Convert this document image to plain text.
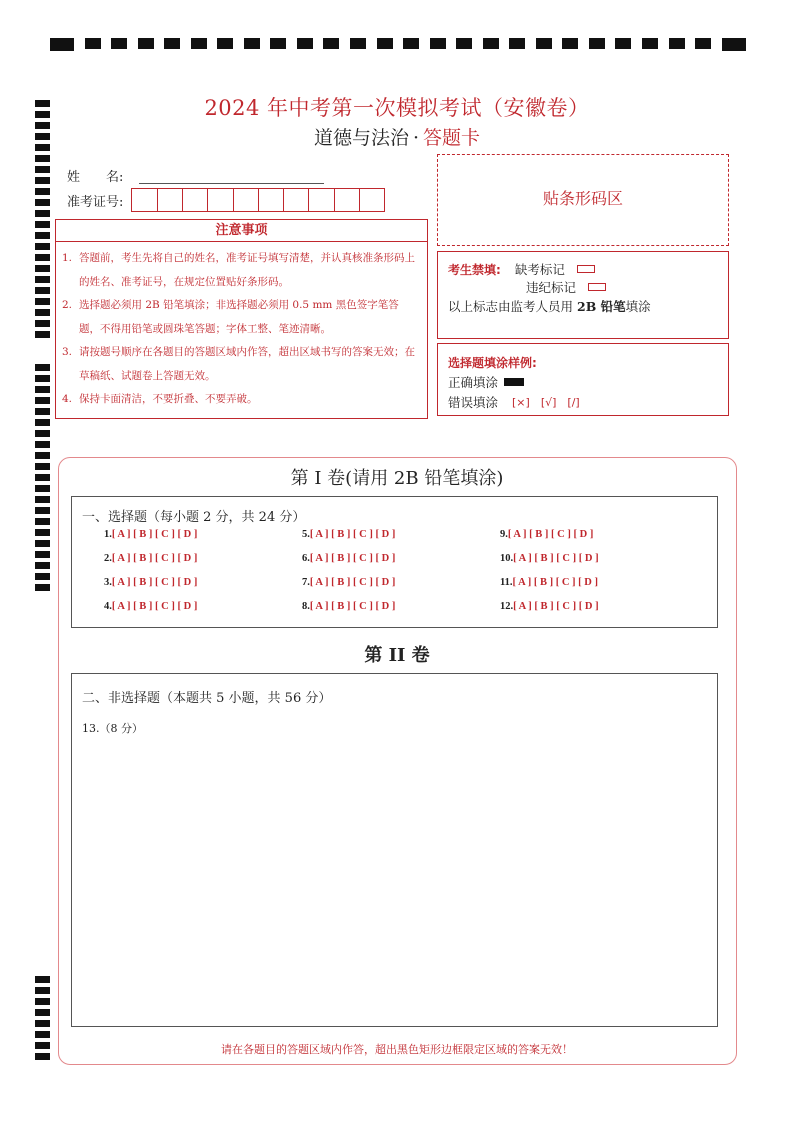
2024 年中考第一次模拟考试（安徽卷）
道德与法治 · 答题卡
姓　　名:
准考证号:
注意事项
1. 答题前，考生先将自己的姓名，准考证号填写清楚，并认真核准条形码上的姓名、准考证号，在规定位置贴好条形码。
2. 选择题必须用 2B 铅笔填涂；非选择题必须用 0.5 mm 黑色签字笔答题，不得用铅笔或圆珠笔答题；字体工整、笔迹清晰。
3. 请按题号顺序在各题目的答题区域内作答，超出区域书写的答案无效；在草稿纸、试题卷上答题无效。
4. 保持卡面清洁，不要折叠、不要弄破。
贴条形码区
考生禁填: 缺考标记
违纪标记
以上标志由监考人员用 2B 铅笔填涂
选择题填涂样例:
正确填涂
错误填涂 [×]　[√]　[/]
第 I 卷(请用 2B 铅笔填涂)
一、选择题（每小题 2 分，共 24 分）
1.[ A ] [ B ] [ C ] [ D ]
2.[ A ] [ B ] [ C ] [ D ]
3.[ A ] [ B ] [ C ] [ D ]
4.[ A ] [ B ] [ C ] [ D ]
5.[ A ] [ B ] [ C ] [ D ]
6.[ A ] [ B ] [ C ] [ D ]
7.[ A ] [ B ] [ C ] [ D ]
8.[ A ] [ B ] [ C ] [ D ]
9.[ A ] [ B ] [ C ] [ D ]
10.[ A ] [ B ] [ C ] [ D ]
11.[ A ] [ B ] [ C ] [ D ]
12.[ A ] [ B ] [ C ] [ D ]
第 II 卷
二、非选择题（本题共 5 小题，共 56 分）
13.（8 分）
请在各题目的答题区域内作答，超出黑色矩形边框限定区域的答案无效！
